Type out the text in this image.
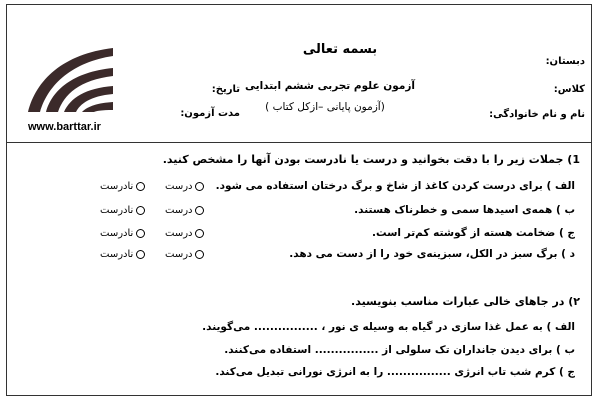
www.barttar.ir
بسمه تعالی
آزمون علوم تجربی ششم ابتدایی
(آزمون پایانی –ازکل کتاب )
دبستان:
کلاس:
نام و نام خانوادگی:
تاریخ:
مدت آزمون:
1) جملات زیر را با دقت بخوانید و درست یا نادرست بودن آنها را مشخص کنید.
الف ) برای درست کردن کاغذ از شاخ و برگ درختان استفاده می شود.
ب ) همه‌ی اسیدها سمی و خطرناک هستند.
ج ) ضخامت هسته از گوشته کم‌تر است.
د ) برگ سبز در الکل، سبزینه‌ی خود را از دست می دهد.
درست
نادرست
درست
نادرست
درست
نادرست
درست
نادرست
۲) در جاهای خالی عبارات مناسب بنویسید.
الف ) به عمل غذا سازی در گیاه به وسیله ی نور ، ................ می‌گویند.
ب ) برای دیدن جانداران تک سلولی از ................ استفاده می‌کنند.
ج ) کرم شب تاب انرژی ................ را به انرژی نورانی تبدیل می‌کند.
